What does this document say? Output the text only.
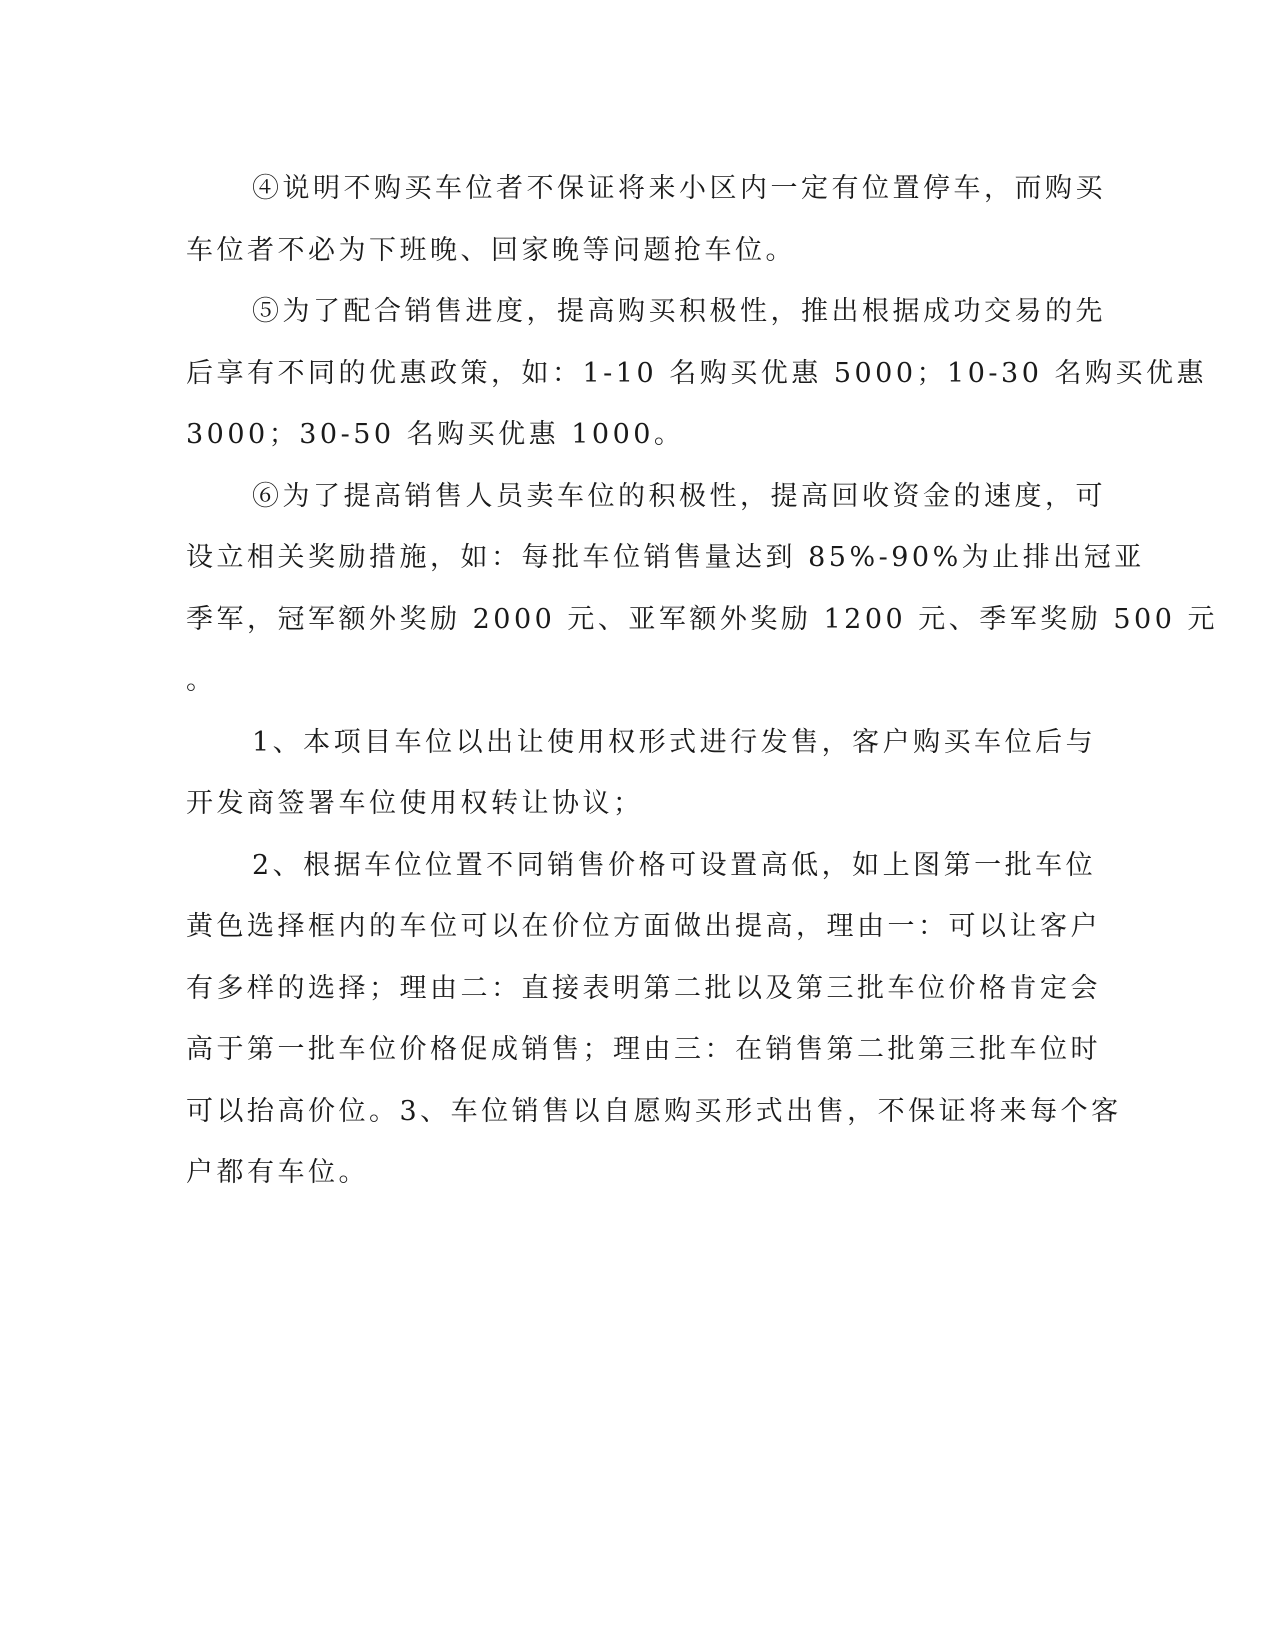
④说明不购买车位者不保证将来小区内一定有位置停车，而购买
车位者不必为下班晚、回家晚等问题抢车位。
⑤为了配合销售进度，提高购买积极性，推出根据成功交易的先
后享有不同的优惠政策，如：1-10 名购买优惠 5000；10-30 名购买优惠
3000；30-50 名购买优惠 1000。
⑥为了提高销售人员卖车位的积极性，提高回收资金的速度，可
设立相关奖励措施，如：每批车位销售量达到 85%-90%为止排出冠亚
季军，冠军额外奖励 2000 元、亚军额外奖励 1200 元、季军奖励 500 元
。
1、本项目车位以出让使用权形式进行发售，客户购买车位后与
开发商签署车位使用权转让协议；
2、根据车位位置不同销售价格可设置高低，如上图第一批车位
黄色选择框内的车位可以在价位方面做出提高，理由一：可以让客户
有多样的选择；理由二：直接表明第二批以及第三批车位价格肯定会
高于第一批车位价格促成销售；理由三：在销售第二批第三批车位时
可以抬高价位。3、车位销售以自愿购买形式出售，不保证将来每个客
户都有车位。
